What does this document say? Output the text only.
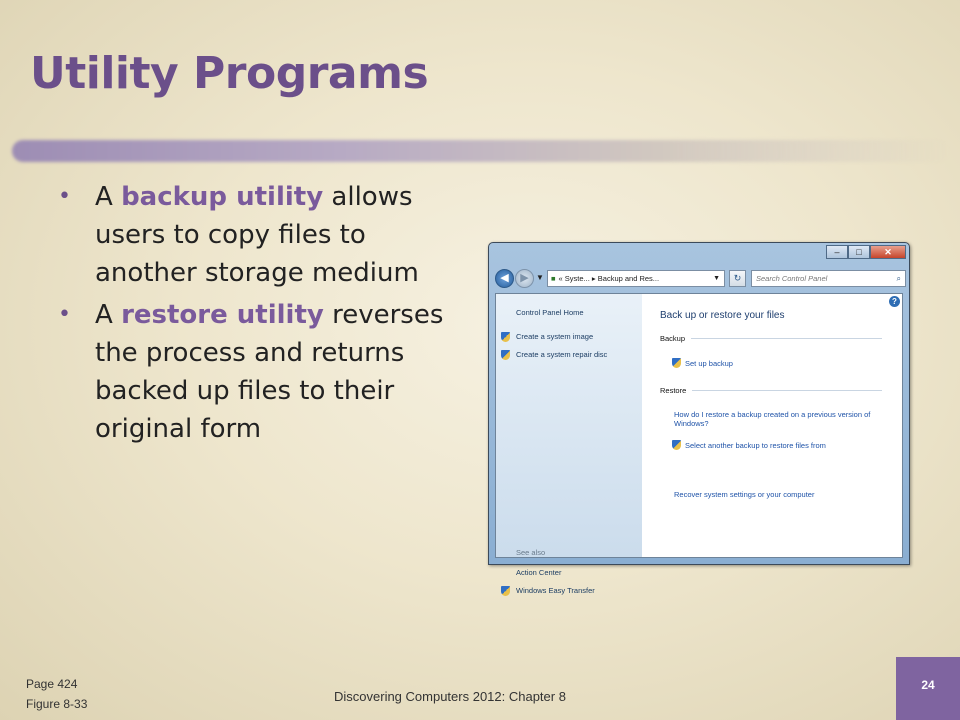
Utility Programs
• A backup utility allows users to copy files to another storage medium
• A restore utility reverses the process and returns backed up files to their original form
–	□	✕
◀	▶ ▼ ■ « Syste... ▸ Backup and Res...	▼	↻	Search Control Panel	⌕
Control Panel Home
Create a system image
Create a system repair disc
See also
Action Center
Windows Easy Transfer
?
Back up or restore your files
Backup
Set up backup
Restore
How do I restore a backup created on a previous version of Windows?
Select another backup to restore files from
Recover system settings or your computer
Page 424
Figure 8-33	Discovering Computers 2012: Chapter 8
24
